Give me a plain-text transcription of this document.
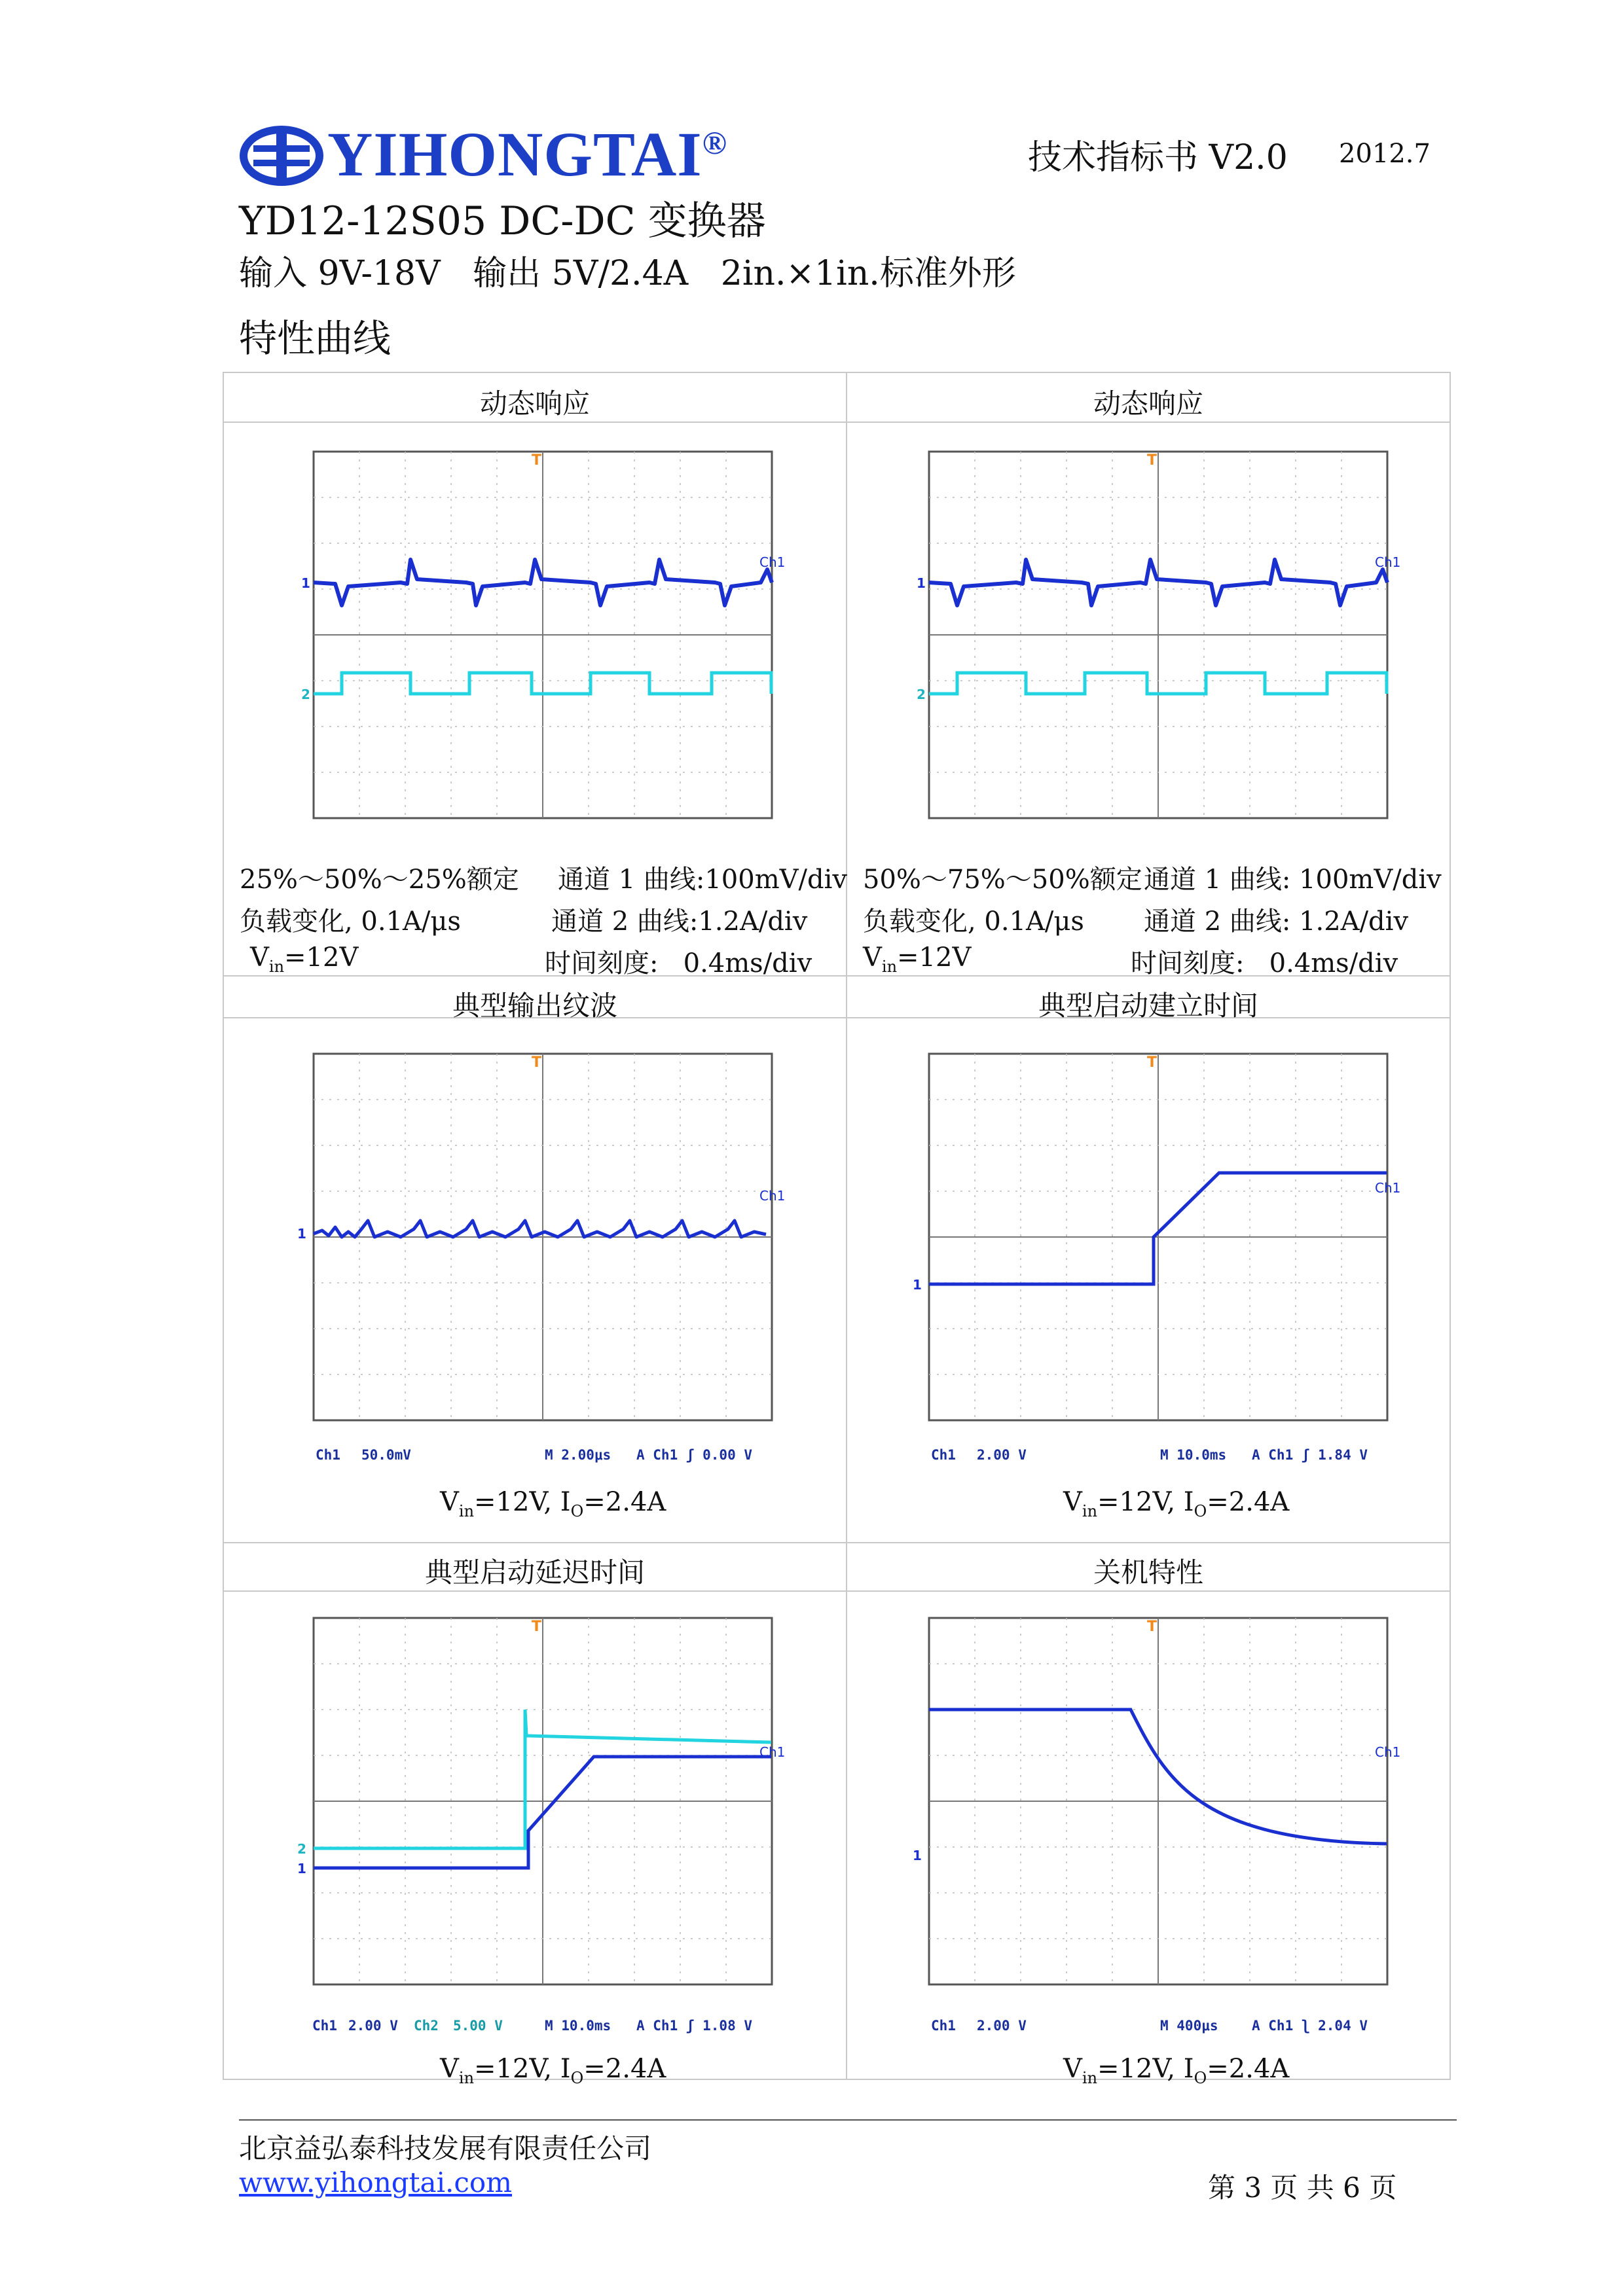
YIHONGTAI®	技术指标书 V2.0 2012.7
YD12-12S05 DC-DC 变换器
输入 9V-18V   输出 5V/2.4A   2in.×1in.标准外形
特性曲线
动态响应	动态响应
T
1
2
Ch1
25%～50%～25%额定 通道 1 曲线:100mV/div
负载变化, 0.1A/μs	通道 2 曲线:1.2A/div
$V_{in}=12V$	时间刻度:   0.4ms/div
T
1
2
Ch1
50%～75%～50%额定 通道 1 曲线: 100mV/div
负载变化, 0.1A/μs 通道 2 曲线: 1.2A/div
$V_{in}=12V$	时间刻度:   0.4ms/div
典型输出纹波	典型启动建立时间
T
1
Ch1
Ch1 50.0mV	M 2.00μs A Ch1 ʃ 0.00 V
$V_{in}=12V$, $I_O=2.4A$
T
1
Ch1
Ch1 2.00 V	M 10.0ms A Ch1 ʃ 1.84 V
$V_{in}=12V$, $I_O=2.4A$
典型启动延迟时间	关机特性
T
2
1
Ch1
Ch1 2.00 V Ch2 5.00 V	M 10.0ms A Ch1 ʃ 1.08 V
$V_{in}=12V$, $I_O=2.4A$
T
1
Ch1
Ch1 2.00 V	M 400μs A Ch1 ʅ 2.04 V
$V_{in}=12V$, $I_O=2.4A$
北京益弘泰科技发展有限责任公司
www.yihongtai.com	第 3 页 共 6 页
